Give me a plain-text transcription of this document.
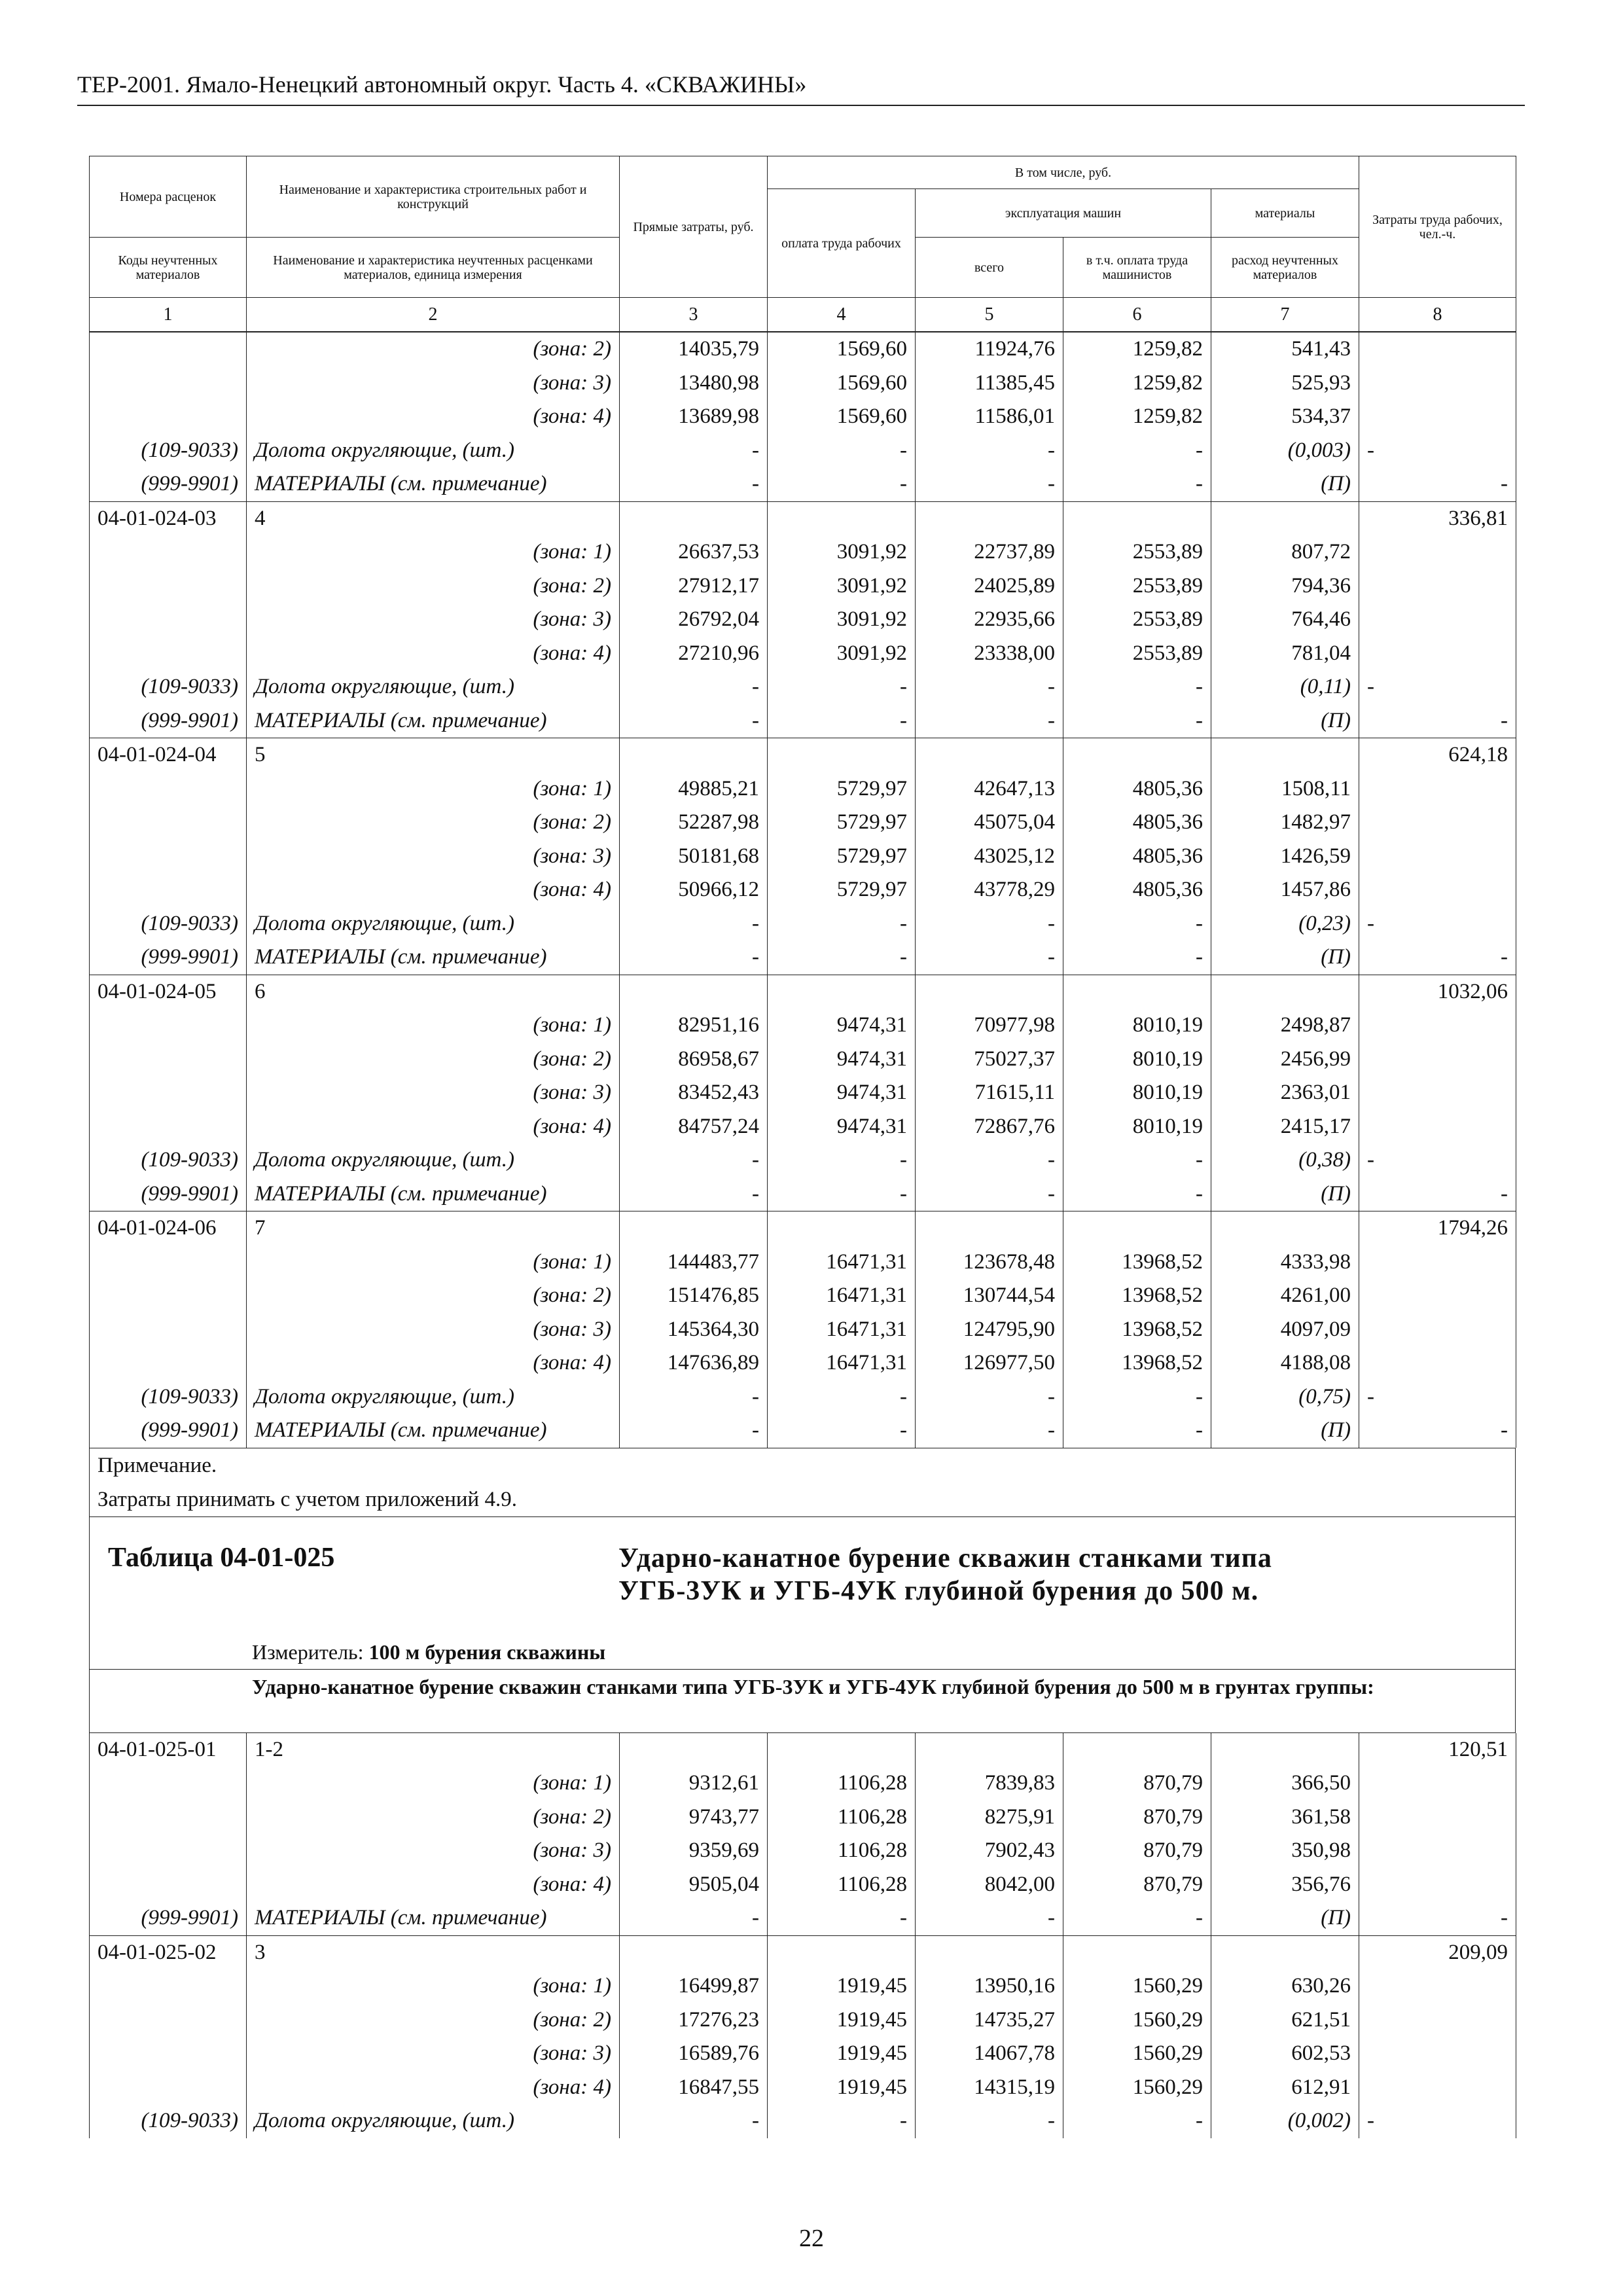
ТЕР-2001. Ямало-Ненецкий автономный округ. Часть 4. «СКВАЖИНЫ»
Номера расценок	Наименование и характеристика строительных работ и конструкций	Прямые затраты, руб.	В том числе, руб.				Затраты труда рабочих, чел.-ч.
			оплата труда рабочих	эксплуатация машин		материалы	
Коды неучтенных материалов	Наименование и характеристика неучтенных расценками материалов, единица измерения			всего	в т.ч. оплата труда машинистов	расход неучтенных материалов	
1	2	3	4	5	6	7	8
	(зона: 2)	14035,79	1569,60	11924,76	1259,82	541,43	
	(зона: 3)	13480,98	1569,60	11385,45	1259,82	525,93	
	(зона: 4)	13689,98	1569,60	11586,01	1259,82	534,37	
(109-9033)	Долота округляющие, (шт.)	-	-	-	-	(0,003)	-
(999-9901)	МАТЕРИАЛЫ (см. примечание)	-	-	-	-	(П)	-
04-01-024-03	4						336,81
	(зона: 1)	26637,53	3091,92	22737,89	2553,89	807,72	
	(зона: 2)	27912,17	3091,92	24025,89	2553,89	794,36	
	(зона: 3)	26792,04	3091,92	22935,66	2553,89	764,46	
	(зона: 4)	27210,96	3091,92	23338,00	2553,89	781,04	
(109-9033)	Долота округляющие, (шт.)	-	-	-	-	(0,11)	-
(999-9901)	МАТЕРИАЛЫ (см. примечание)	-	-	-	-	(П)	-
04-01-024-04	5						624,18
	(зона: 1)	49885,21	5729,97	42647,13	4805,36	1508,11	
	(зона: 2)	52287,98	5729,97	45075,04	4805,36	1482,97	
	(зона: 3)	50181,68	5729,97	43025,12	4805,36	1426,59	
	(зона: 4)	50966,12	5729,97	43778,29	4805,36	1457,86	
(109-9033)	Долота округляющие, (шт.)	-	-	-	-	(0,23)	-
(999-9901)	МАТЕРИАЛЫ (см. примечание)	-	-	-	-	(П)	-
04-01-024-05	6						1032,06
	(зона: 1)	82951,16	9474,31	70977,98	8010,19	2498,87	
	(зона: 2)	86958,67	9474,31	75027,37	8010,19	2456,99	
	(зона: 3)	83452,43	9474,31	71615,11	8010,19	2363,01	
	(зона: 4)	84757,24	9474,31	72867,76	8010,19	2415,17	
(109-9033)	Долота округляющие, (шт.)	-	-	-	-	(0,38)	-
(999-9901)	МАТЕРИАЛЫ (см. примечание)	-	-	-	-	(П)	-
04-01-024-06	7						1794,26
	(зона: 1)	144483,77	16471,31	123678,48	13968,52	4333,98	
	(зона: 2)	151476,85	16471,31	130744,54	13968,52	4261,00	
	(зона: 3)	145364,30	16471,31	124795,90	13968,52	4097,09	
	(зона: 4)	147636,89	16471,31	126977,50	13968,52	4188,08	
(109-9033)	Долота округляющие, (шт.)	-	-	-	-	(0,75)	-
(999-9901)	МАТЕРИАЛЫ (см. примечание)	-	-	-	-	(П)	-
Примечание.
Затраты принимать с учетом приложений 4.9.
Таблица 04-01-025	Ударно-канатное бурение скважин станками типа УГБ-3УК и УГБ-4УК глубиной бурения до 500 м.
Измеритель: 100 м бурения скважины
Ударно-канатное бурение скважин станками типа УГБ-3УК и УГБ-4УК глубиной бурения до 500 м в грунтах группы:
04-01-025-01	1-2						120,51
	(зона: 1)	9312,61	1106,28	7839,83	870,79	366,50	
	(зона: 2)	9743,77	1106,28	8275,91	870,79	361,58	
	(зона: 3)	9359,69	1106,28	7902,43	870,79	350,98	
	(зона: 4)	9505,04	1106,28	8042,00	870,79	356,76	
(999-9901)	МАТЕРИАЛЫ (см. примечание)	-	-	-	-	(П)	-
04-01-025-02	3						209,09
	(зона: 1)	16499,87	1919,45	13950,16	1560,29	630,26	
	(зона: 2)	17276,23	1919,45	14735,27	1560,29	621,51	
	(зона: 3)	16589,76	1919,45	14067,78	1560,29	602,53	
	(зона: 4)	16847,55	1919,45	14315,19	1560,29	612,91	
(109-9033)	Долота округляющие, (шт.)	-	-	-	-	(0,002)	-
22
